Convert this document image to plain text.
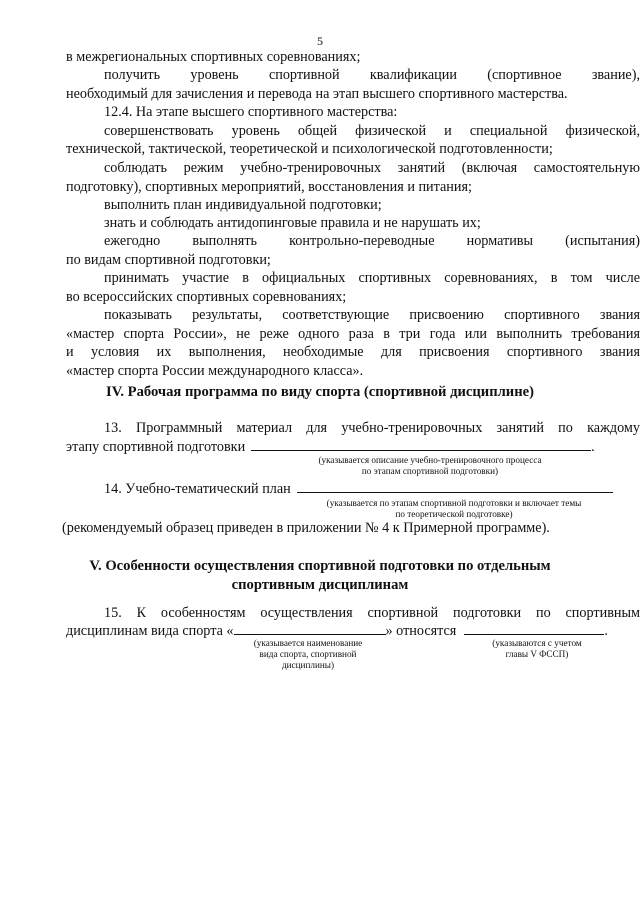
5
в межрегиональных спортивных соревнованиях;
получить уровень спортивной квалификации (спортивное звание),
необходимый для зачисления и перевода на этап высшего спортивного мастерства.
12.4. На этапе высшего спортивного мастерства:
совершенствовать уровень общей физической и специальной физической,
технической, тактической, теоретической и психологической подготовленности;
соблюдать режим учебно-тренировочных занятий (включая самостоятельную
подготовку), спортивных мероприятий, восстановления и питания;
выполнить план индивидуальной подготовки;
знать и соблюдать антидопинговые правила и не нарушать их;
ежегодно выполнять контрольно-переводные нормативы (испытания)
по видам спортивной подготовки;
принимать участие в официальных спортивных соревнованиях, в том числе
во всероссийских спортивных соревнованиях;
показывать результаты, соответствующие присвоению спортивного звания
«мастер спорта России», не реже одного раза в три года или выполнить требования
и условия их выполнения, необходимые для присвоения спортивного звания
«мастер спорта России международного класса».
IV. Рабочая программа по виду спорта (спортивной дисциплине)
13. Программный материал для учебно-тренировочных занятий по каждому
этапу спортивной подготовки	.
(указывается описание учебно-тренировочного процесса
по этапам спортивной подготовки)
14. Учебно-тематический план
(указывается по этапам спортивной подготовки и включает темы
по теоретической подготовке)
(рекомендуемый образец приведен в приложении № 4 к Примерной программе).
V. Особенности осуществления спортивной подготовки по отдельным
спортивным дисциплинам
15. К особенностям осуществления спортивной подготовки по спортивным
дисциплинам вида спорта «	» относятся	.
(указывается наименование
вида спорта, спортивной
дисциплины)
(указываются с учетом
главы V ФССП)
